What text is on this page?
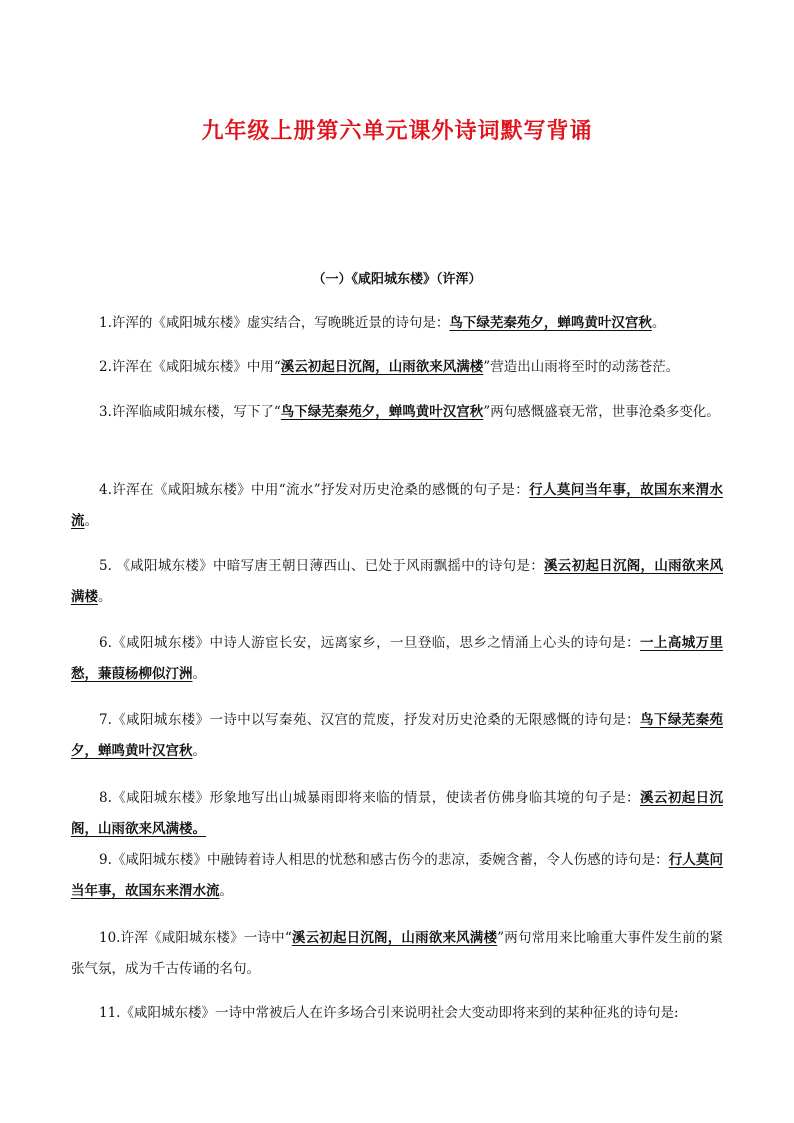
九年级上册第六单元课外诗词默写背诵
（一）《咸阳城东楼》（许浑）

1.许浑的《咸阳城东楼》虚实结合，写晚眺近景的诗句是：鸟下绿芜秦苑夕，蝉鸣黄叶汉宫秋。

2.许浑在《咸阳城东楼》中用“溪云初起日沉阁，山雨欲来风满楼”营造出山雨将至时的动荡苍茫。

3.许浑临咸阳城东楼，写下了“鸟下绿芜秦苑夕，蝉鸣黄叶汉宫秋”两句感慨盛衰无常，世事沧桑多变化。

4.许浑在《咸阳城东楼》中用“流水”抒发对历史沧桑的感慨的句子是：行人莫问当年事，故国东来渭水流。

5. 《咸阳城东楼》中暗写唐王朝日薄西山、已处于风雨飘摇中的诗句是：溪云初起日沉阁，山雨欲来风满楼。

6.《咸阳城东楼》中诗人游宦长安，远离家乡，一旦登临，思乡之情涌上心头的诗句是：一上高城万里愁，蒹葭杨柳似汀洲。

7.《咸阳城东楼》一诗中以写秦苑、汉宫的荒废，抒发对历史沧桑的无限感慨的诗句是：鸟下绿芜秦苑夕，蝉鸣黄叶汉宫秋。

8.《咸阳城东楼》形象地写出山城暴雨即将来临的情景，使读者仿佛身临其境的句子是：溪云初起日沉阁，山雨欲来风满楼。

9.《咸阳城东楼》中融铸着诗人相思的忧愁和感古伤今的悲凉，委婉含蓄，令人伤感的诗句是：行人莫问当年事，故国东来渭水流。

10.许浑《咸阳城东楼》一诗中“溪云初起日沉阁，山雨欲来风满楼”两句常用来比喻重大事件发生前的紧张气氛，成为千古传诵的名句。

11.《咸阳城东楼》一诗中常被后人在许多场合引来说明社会大变动即将来到的某种征兆的诗句是:
